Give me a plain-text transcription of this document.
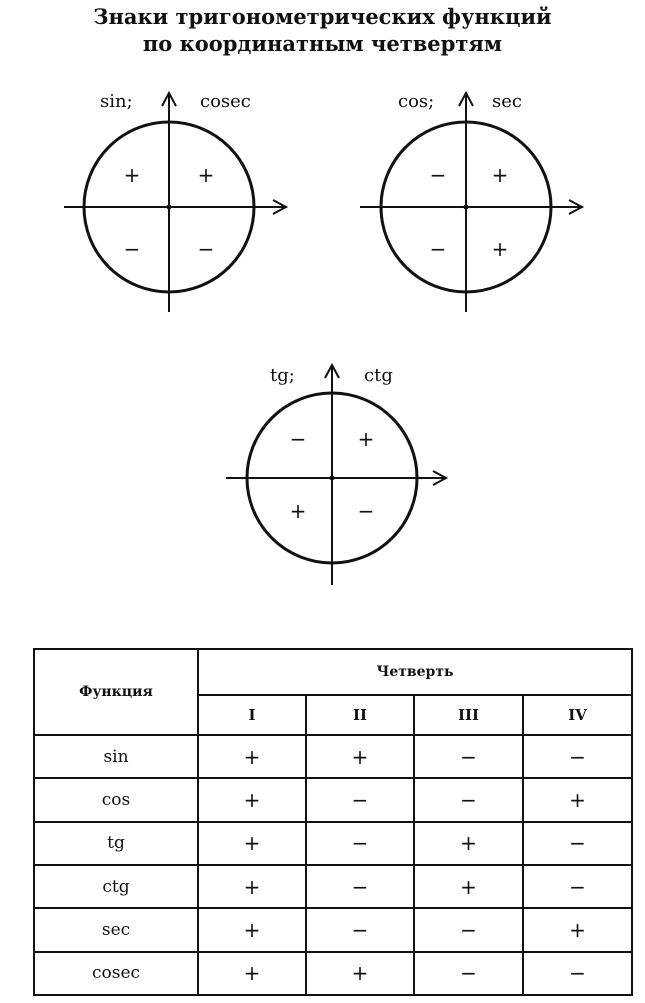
Знаки тригонометрических функций
по координатным четвертям
sin;	cosec
+	+
−	−
cos;	sec
− +
− +
tg;	ctg
−	+
+	−
Функция	Четверть			
	I	II	III	IV
sin	+	+	−	−
cos	+	−	−	+
tg	+	−	+	−
ctg	+	−	+	−
sec	+	−	−	+
cosec	+	+	−	−
